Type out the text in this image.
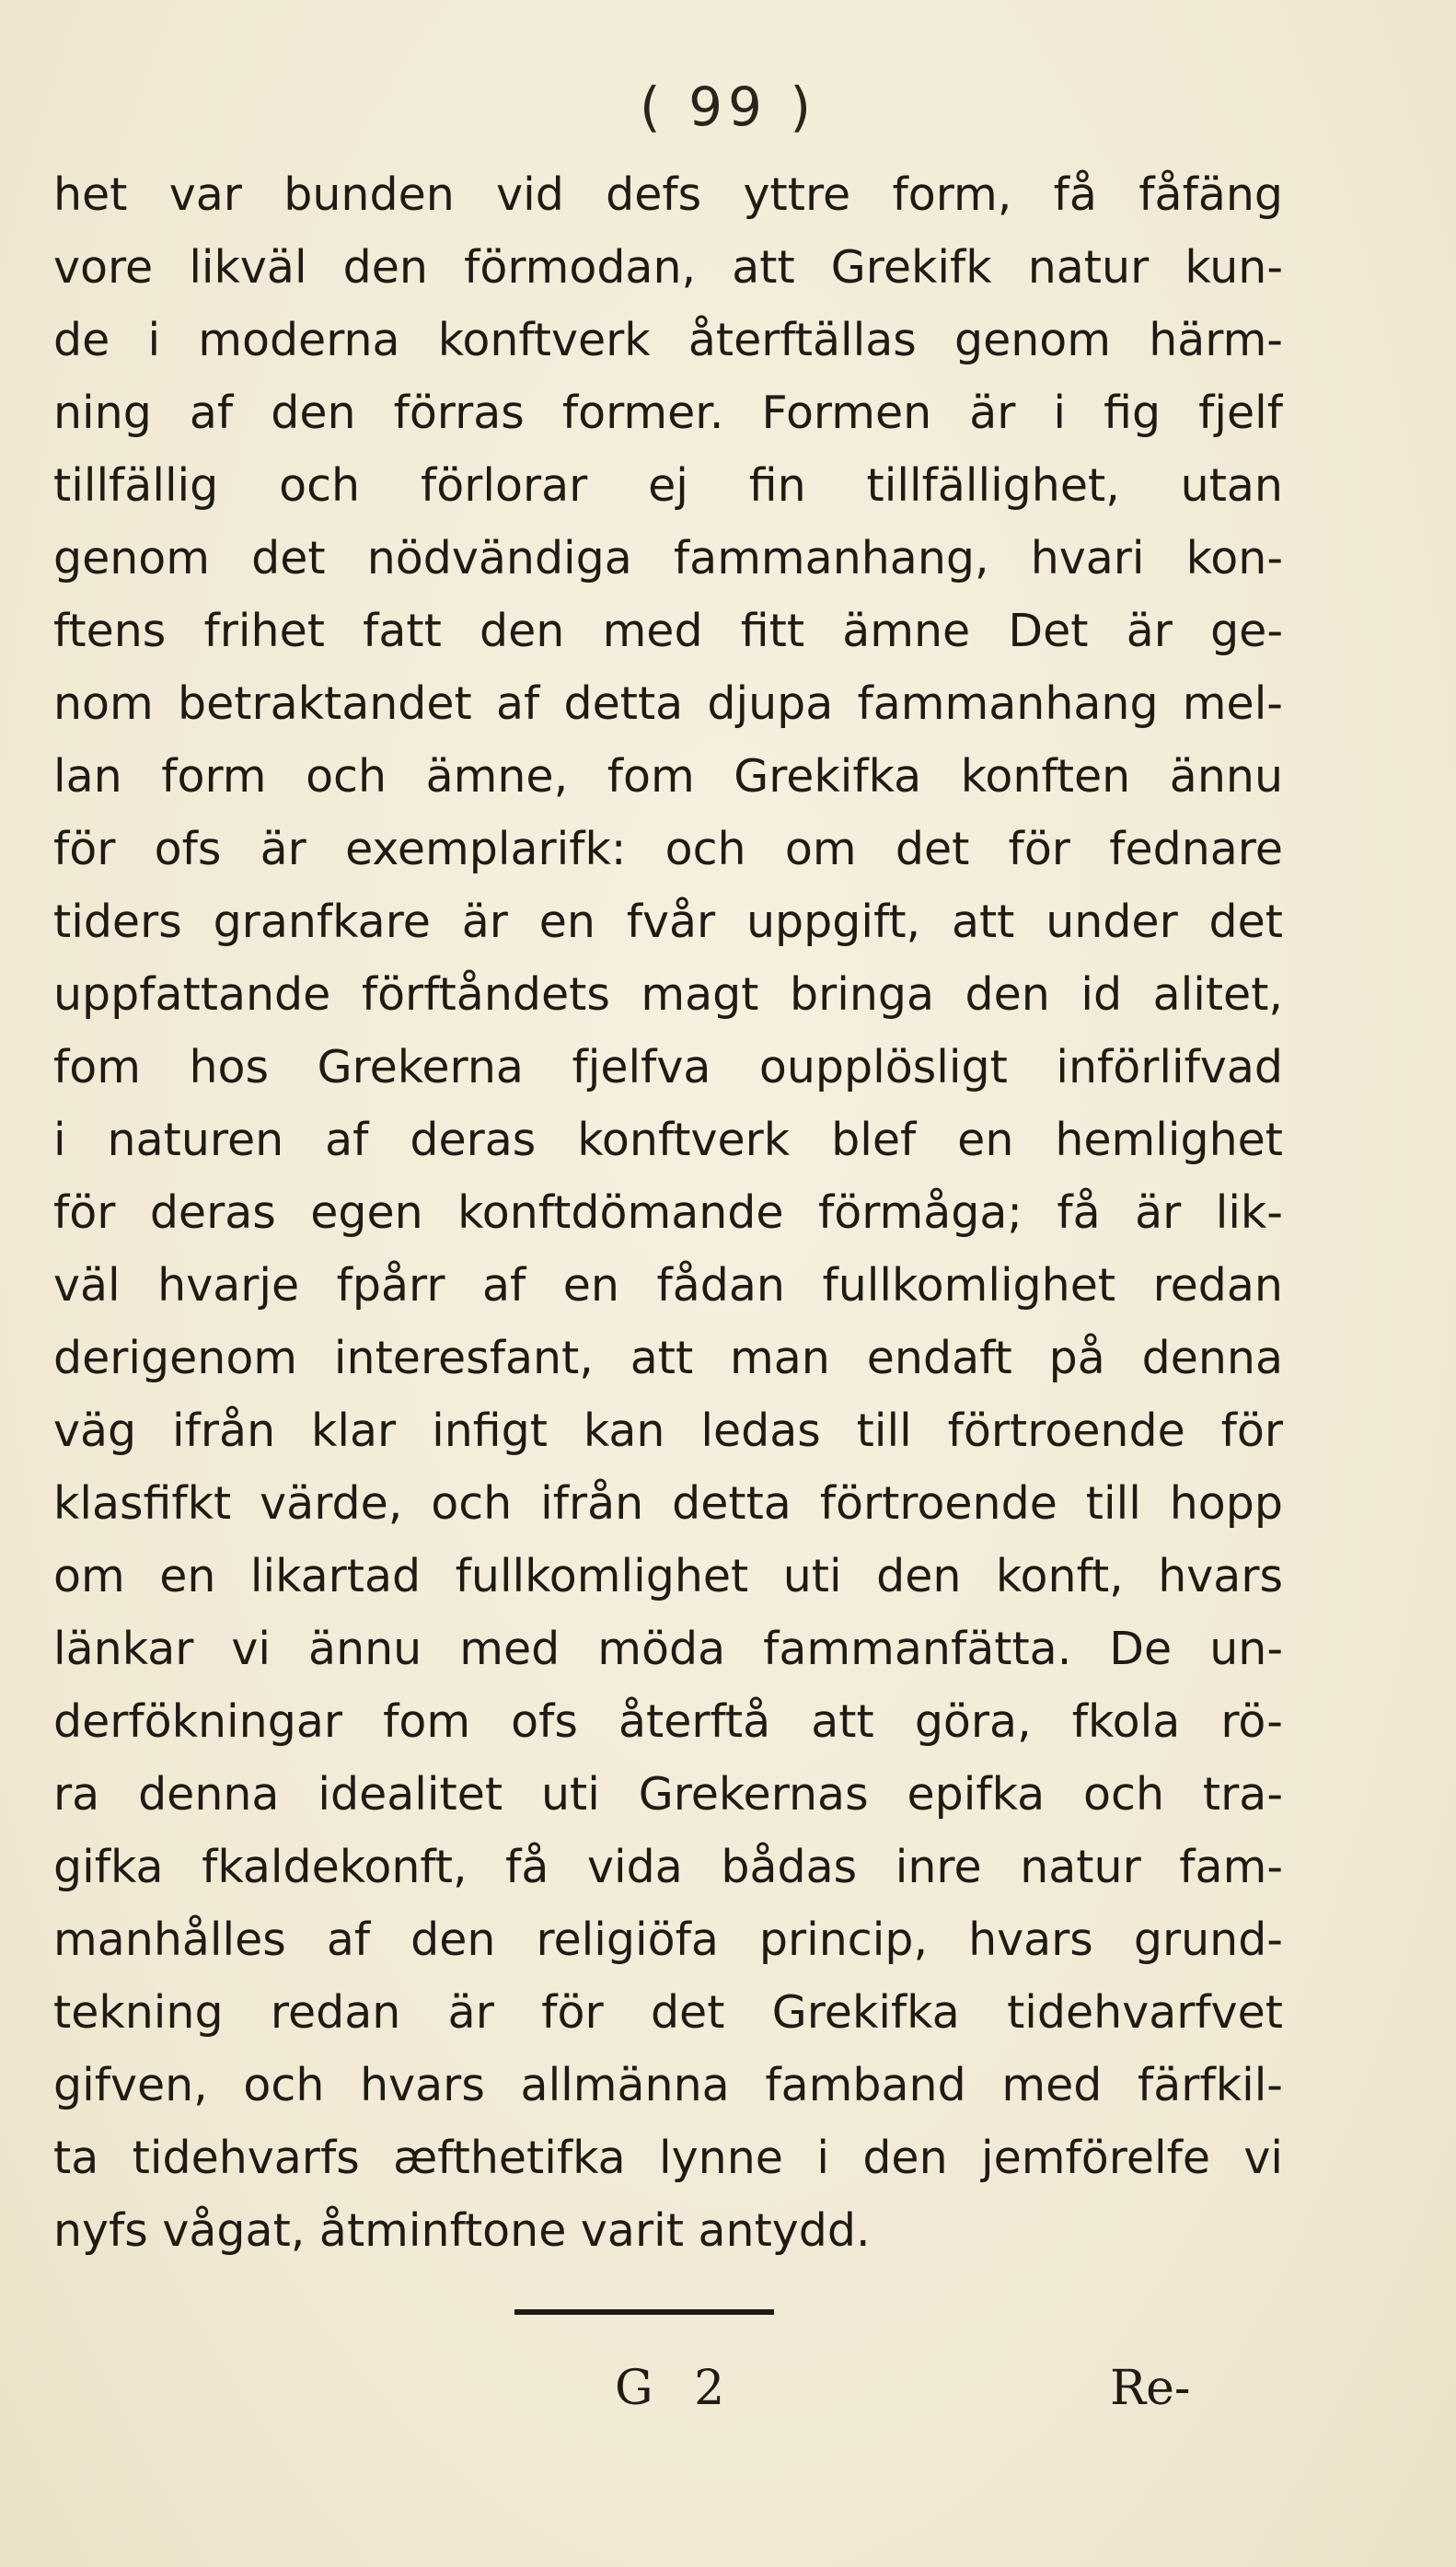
( 99 )
het var bunden vid defs yttre form, få fåfäng
vore likväl den förmodan, att Grekifk natur kun-
de i moderna konftverk återftällas genom härm-
ning af den förras former. Formen är i fig fjelf
tillfällig och förlorar ej fin tillfällighet, utan
genom det nödvändiga fammanhang, hvari kon-
ftens frihet fatt den med fitt ämne Det är ge-
nom betraktandet af detta djupa fammanhang mel-
lan form och ämne, fom Grekifka konften ännu
för ofs är exemplarifk: och om det för fednare
tiders granfkare är en fvår uppgift, att under det
uppfattande förftåndets magt bringa den id alitet,
fom hos Grekerna fjelfva oupplösligt införlifvad
i naturen af deras konftverk blef en hemlighet
för deras egen konftdömande förmåga; få är lik-
väl hvarje fpårr af en fådan fullkomlighet redan
derigenom interesfant, att man endaft på denna
väg ifrån klar infigt kan ledas till förtroende för
klasfifkt värde, och ifrån detta förtroende till hopp
om en likartad fullkomlighet uti den konft, hvars
länkar vi ännu med möda fammanfätta. De un-
derfökningar fom ofs återftå att göra, fkola rö-
ra denna idealitet uti Grekernas epifka och tra-
gifka fkaldekonft, få vida bådas inre natur fam-
manhålles af den religiöfa princip, hvars grund-
tekning redan är för det Grekifka tidehvarfvet
gifven, och hvars allmänna famband med färfkil-
ta tidehvarfs æfthetifka lynne i den jemförelfe vi
nyfs vågat, åtminftone varit antydd.
G 2	Re-
